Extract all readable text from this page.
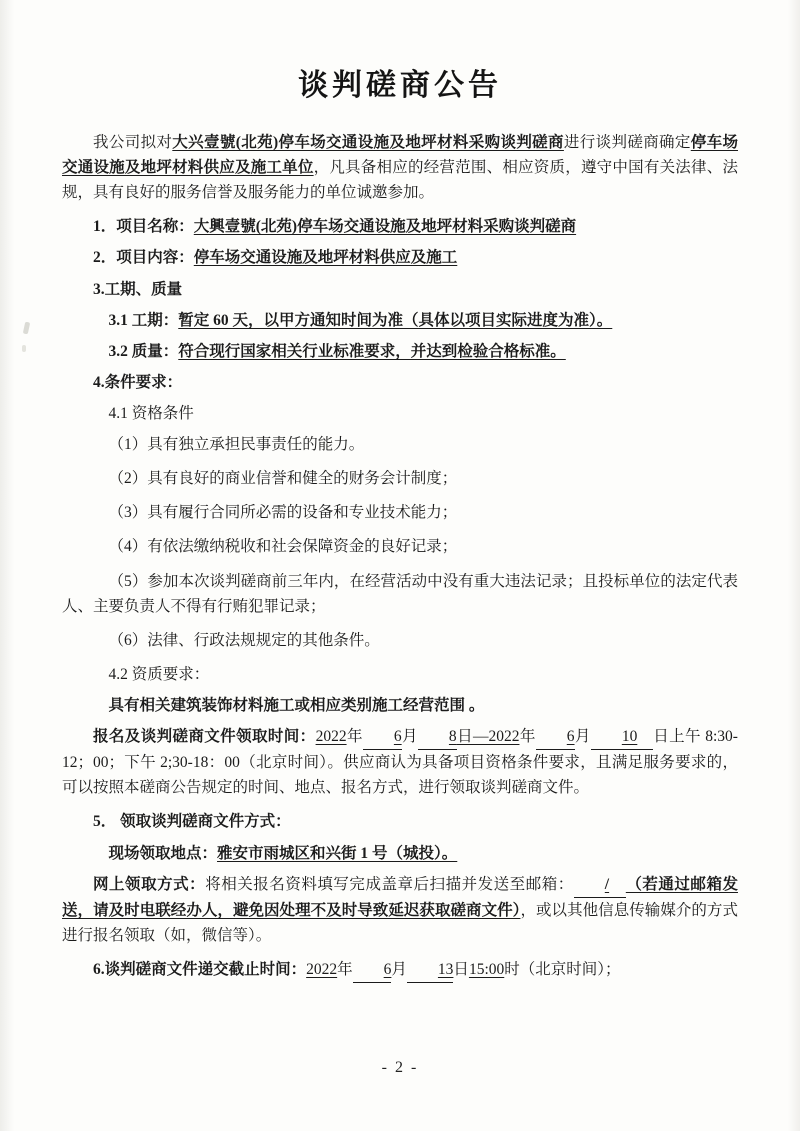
谈判磋商公告

我公司拟对大兴壹號(北苑)停车场交通设施及地坪材料采购谈判磋商进行谈判磋商确定停车场交通设施及地坪材料供应及施工单位，凡具备相应的经营范围、相应资质，遵守中国有关法律、法规，具有良好的服务信誉及服务能力的单位诚邀参加。

1．项目名称：大興壹號(北苑)停车场交通设施及地坪材料采购谈判磋商

2．项目内容：停车场交通设施及地坪材料供应及施工

3.工期、质量

3.1 工期：暂定 60 天，以甲方通知时间为准（具体以项目实际进度为准）。

3.2 质量：符合现行国家相关行业标准要求，并达到检验合格标准。

4.条件要求：

4.1 资格条件

（1）具有独立承担民事责任的能力。

（2）具有良好的商业信誉和健全的财务会计制度；

（3）具有履行合同所必需的设备和专业技术能力；

（4）有依法缴纳税收和社会保障资金的良好记录；

（5）参加本次谈判磋商前三年内，在经营活动中没有重大违法记录；且投标单位的法定代表人、主要负责人不得有行贿犯罪记录；

（6）法律、行政法规规定的其他条件。

4.2 资质要求：

具有相关建筑装饰材料施工或相应类别施工经营范围 。

报名及谈判磋商文件领取时间：2022年 6月 8日—2022年 6月 10 日上午 8:30-12；00；下午 2;30-18：00（北京时间）。供应商认为具备项目资格条件要求，且满足服务要求的，可以按照本磋商公告规定的时间、地点、报名方式，进行领取谈判磋商文件。

5． 领取谈判磋商文件方式：

现场领取地点：雅安市雨城区和兴街 1 号（城投）。

网上领取方式：将相关报名资料填写完成盖章后扫描并发送至邮箱： / （若通过邮箱发送，请及时电联经办人，避免因处理不及时导致延迟获取磋商文件），或以其他信息传输媒介的方式进行报名领取（如，微信等）。

6.谈判磋商文件递交截止时间：2022年 6月 13日15:00时（北京时间）；

- 2 -
